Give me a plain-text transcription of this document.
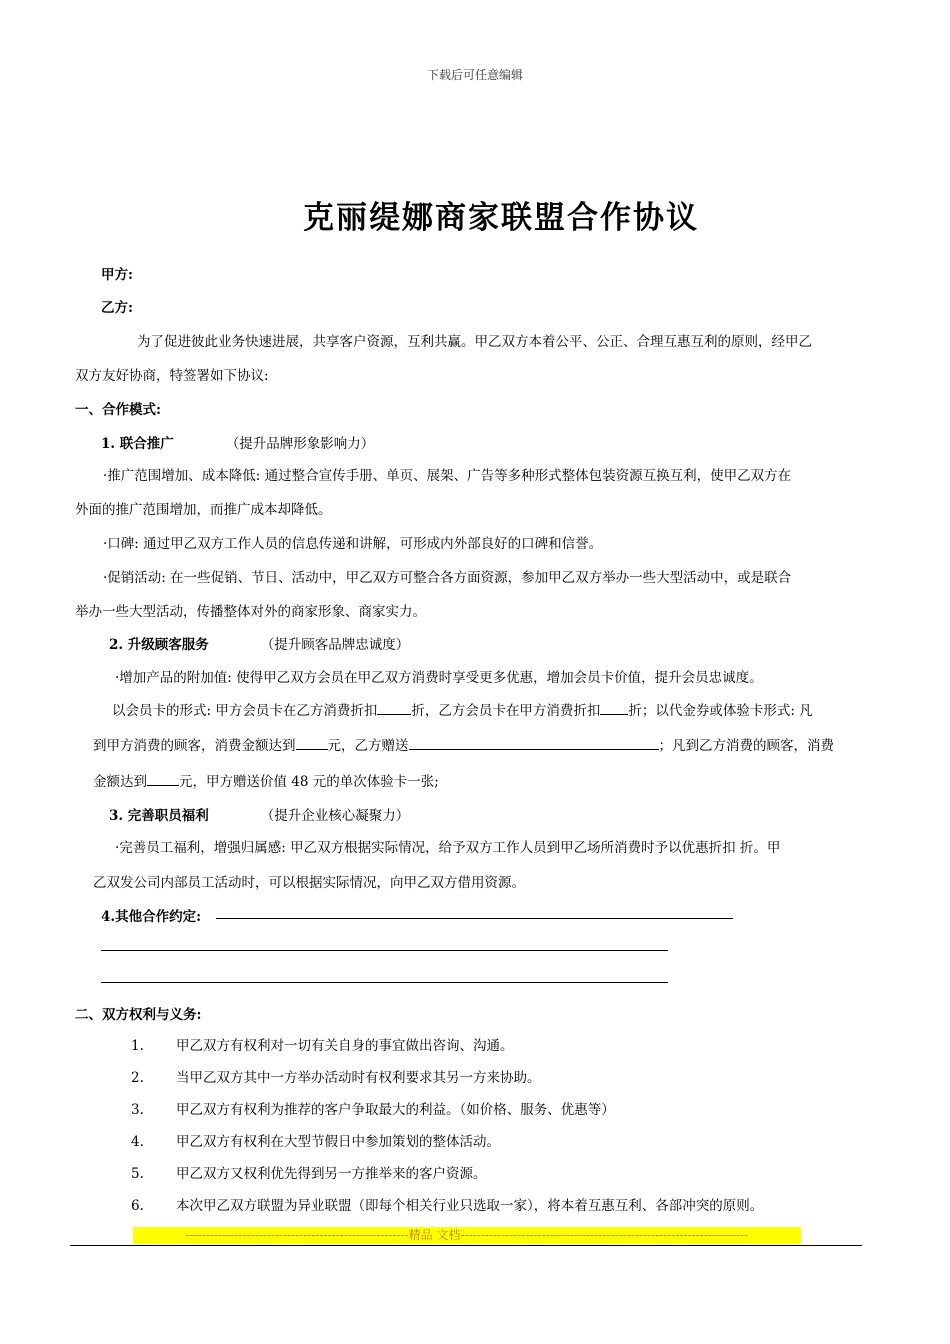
下载后可任意编辑
克丽缇娜商家联盟合作协议
甲方:
乙方:
为了促进彼此业务快速进展，共享客户资源，互利共赢。甲乙双方本着公平、公正、合理互惠互利的原则，经甲乙
双方友好协商，特签署如下协议:
一、合作模式:
1. 联合推广	（提升品牌形象影响力）
·推广范围增加、成本降低: 通过整合宣传手册、单页、展架、广告等多种形式整体包装资源互换互利，使甲乙双方在
外面的推广范围增加，而推广成本却降低。
·口碑: 通过甲乙双方工作人员的信息传递和讲解，可形成内外部良好的口碑和信誉。
·促销活动: 在一些促销、节日、活动中，甲乙双方可整合各方面资源，参加甲乙双方举办一些大型活动中，或是联合
举办一些大型活动，传播整体对外的商家形象、商家实力。
2. 升级顾客服务	（提升顾客品牌忠诚度）
·增加产品的附加值: 使得甲乙双方会员在甲乙双方消费时享受更多优惠，增加会员卡价值，提升会员忠诚度。
以会员卡的形式: 甲方会员卡在乙方消费折扣	折，乙方会员卡在甲方消费折扣 折；以代金券或体验卡形式: 凡
到甲方消费的顾客，消费金额达到 元，乙方赠送	；凡到乙方消费的顾客，消费
金额达到 元，甲方赠送价值 48 元的单次体验卡一张;
3. 完善职员福利	（提升企业核心凝聚力）
·完善员工福利，增强归属感: 甲乙双方根据实际情况，给予双方工作人员到甲乙场所消费时予以优惠折扣 折。甲
乙双发公司内部员工活动时，可以根据实际情况，向甲乙双方借用资源。
4.其他合作约定:
二、双方权利与义务:
1. 甲乙双方有权利对一切有关自身的事宜做出咨询、沟通。
2. 当甲乙双方其中一方举办活动时有权利要求其另一方来协助。
3. 甲乙双方有权利为推荐的客户争取最大的利益。（如价格、服务、优惠等）
4. 甲乙双方有权利在大型节假日中参加策划的整体活动。
5. 甲乙双方又权利优先得到另一方推举来的客户资源。
6. 本次甲乙双方联盟为异业联盟（即每个相关行业只选取一家），将本着互惠互利、各部冲突的原则。
-------------------------------------------------------精品 文档-----------------------------------------------------------------------
